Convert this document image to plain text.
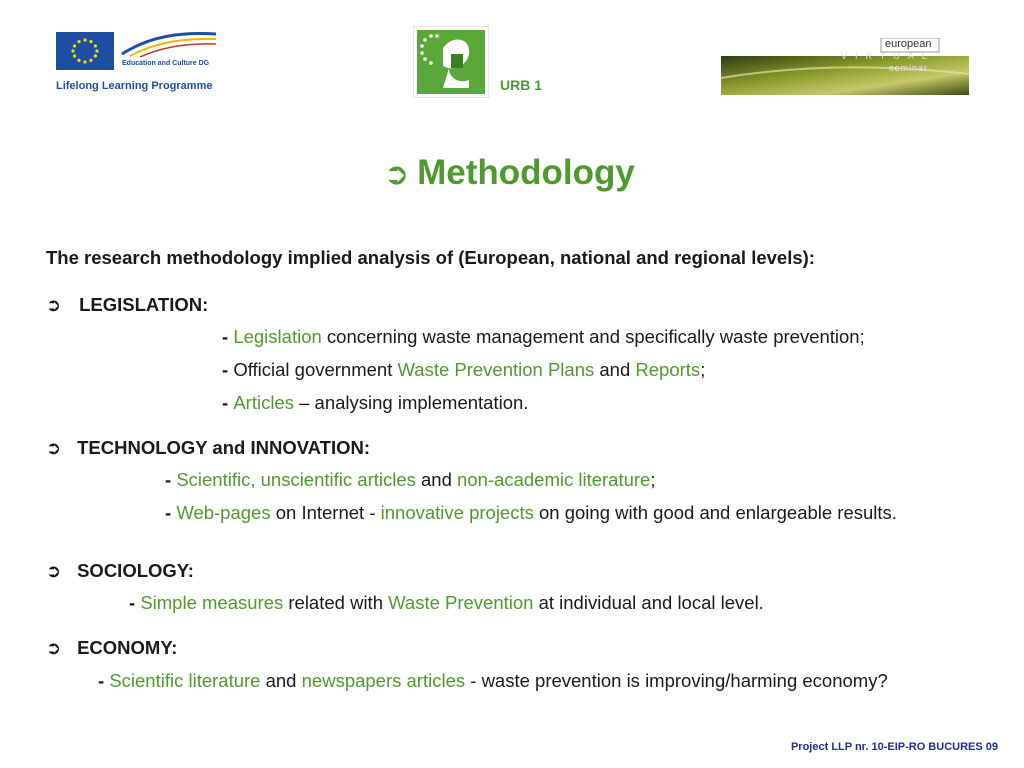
Education and Culture DG
Lifelong Learning Programme	URB 1
european
VIRTUAL
seminar
➲ Methodology
The research methodology implied analysis of (European, national and regional levels):
➲ LEGISLATION:
- Legislation concerning waste management and specifically waste prevention;
- Official government Waste Prevention Plans and Reports;
- Articles – analysing implementation.
➲ TECHNOLOGY and INNOVATION:
- Scientific, unscientific articles and non-academic literature;
- Web-pages on Internet - innovative projects on going with good and enlargeable results.
➲ SOCIOLOGY:
- Simple measures related with Waste Prevention at individual and local level.
➲ ECONOMY:
- Scientific literature and newspapers articles - waste prevention is improving/harming economy?
Project LLP nr. 10-EIP-RO BUCURES 09
